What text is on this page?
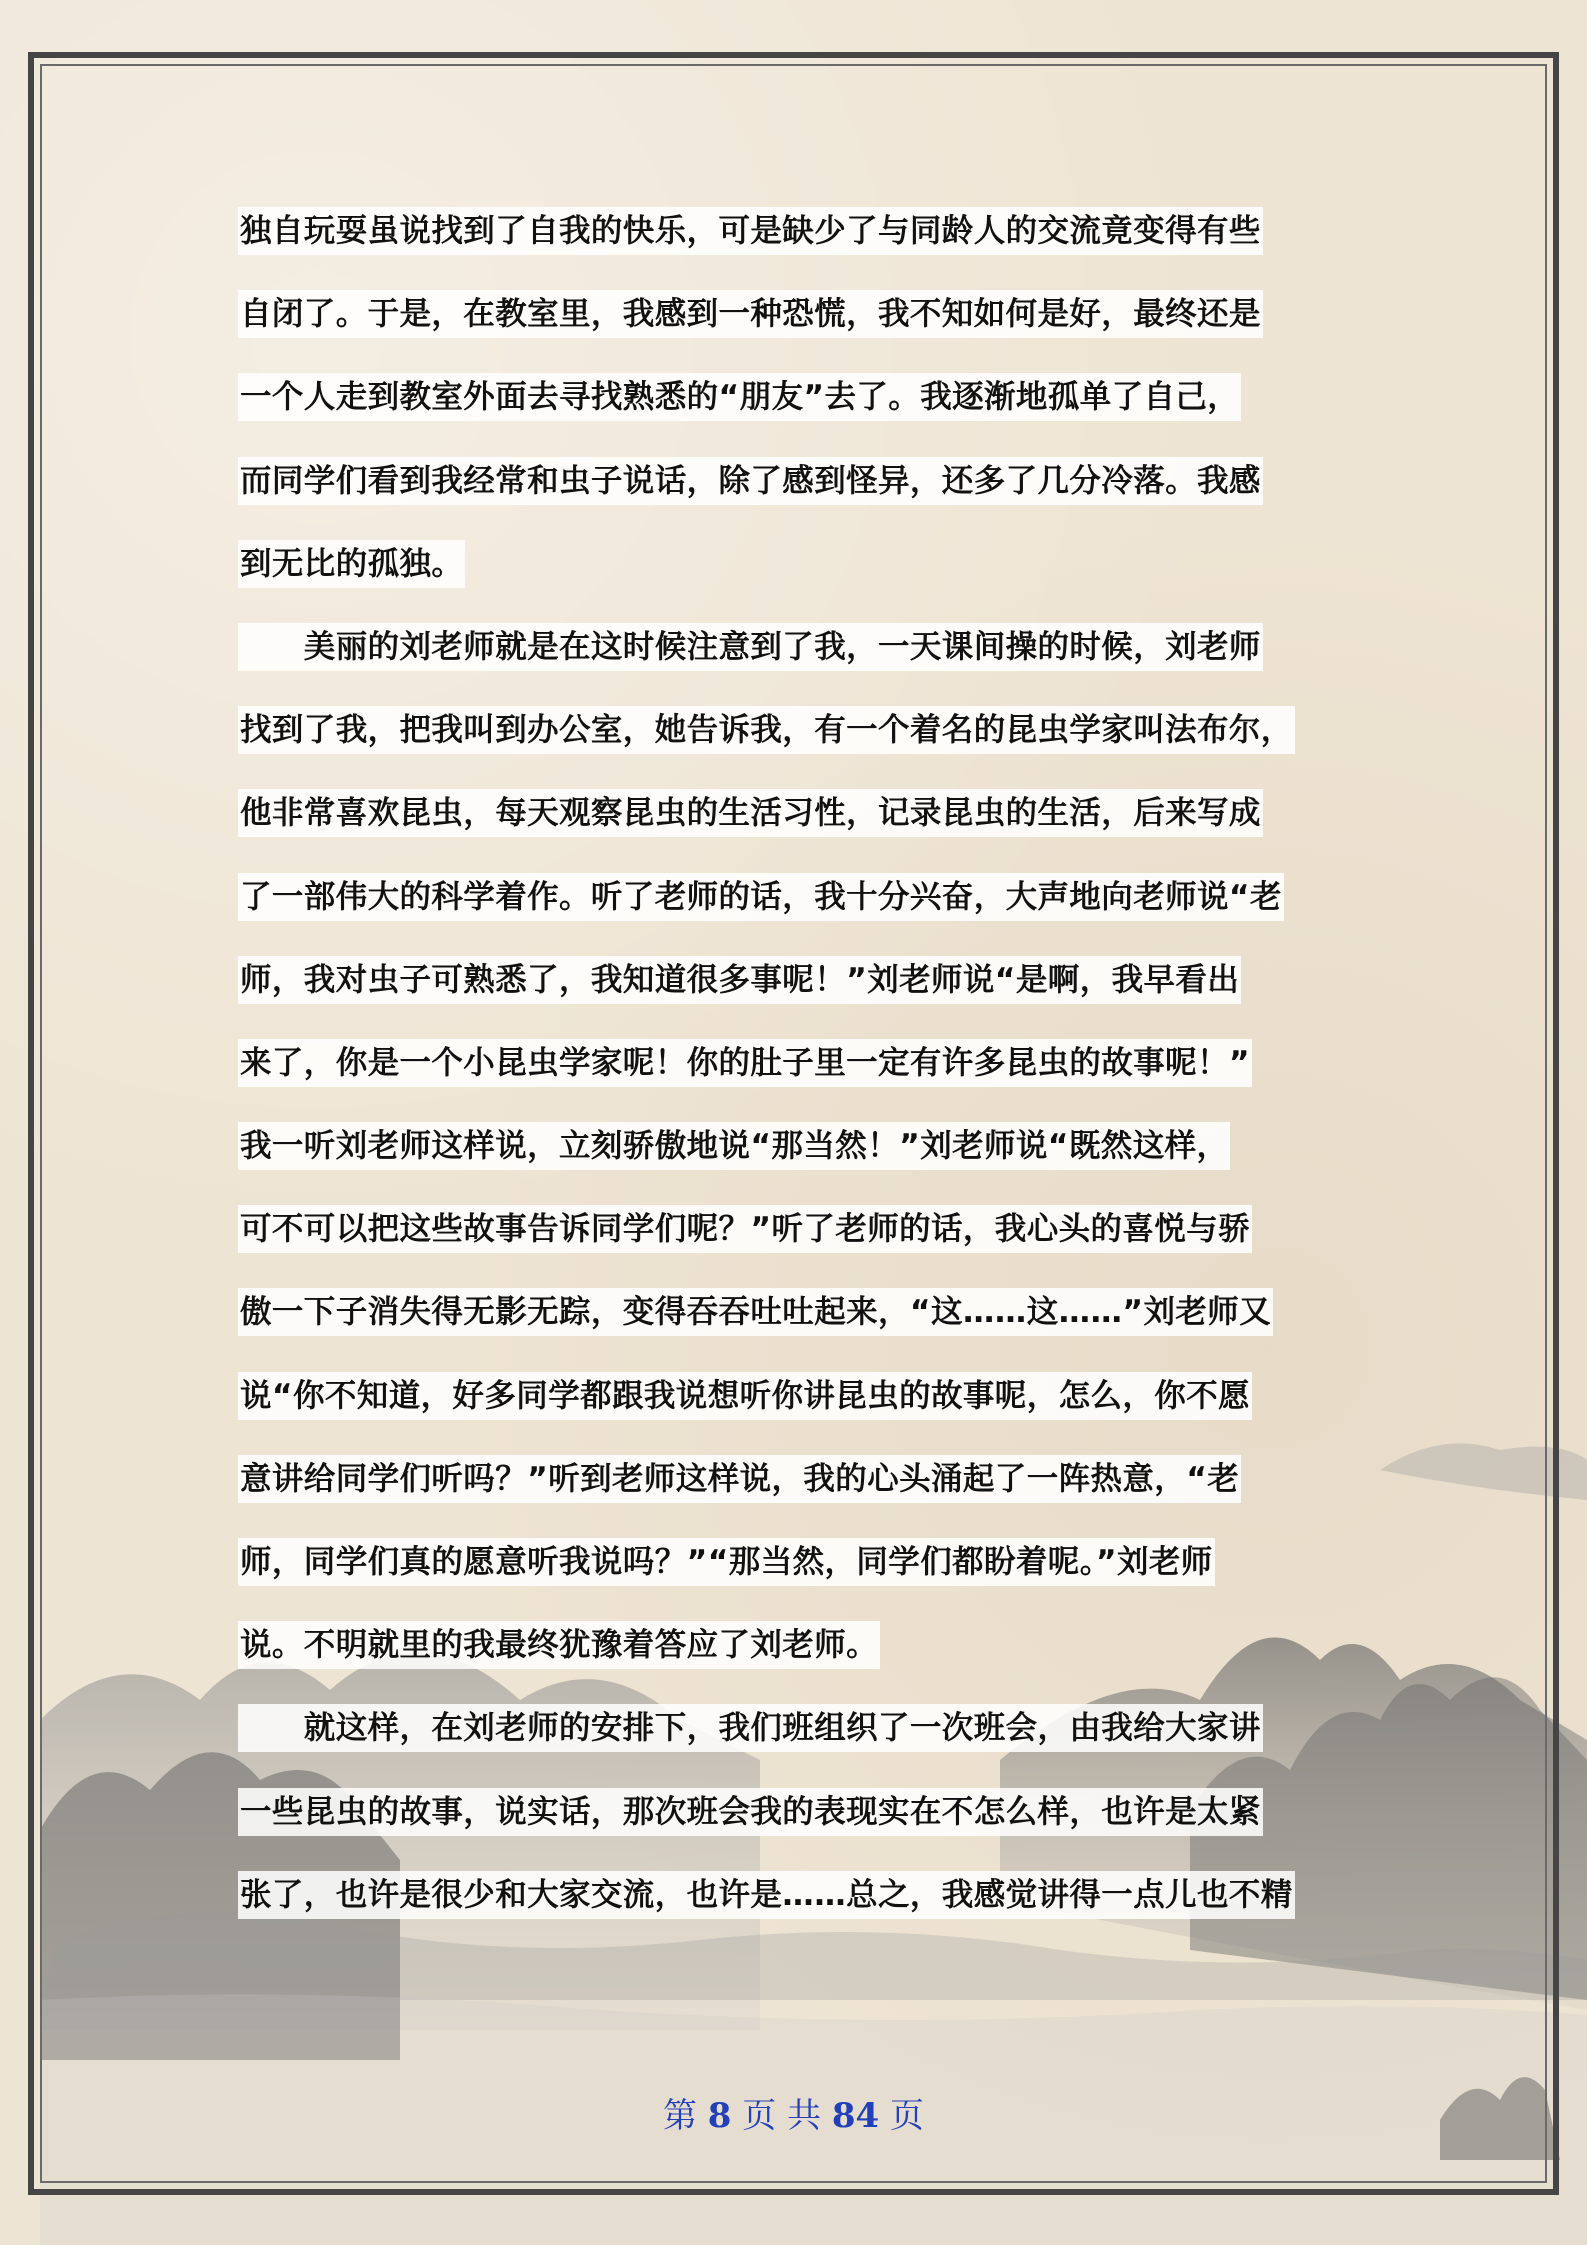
独自玩耍虽说找到了自我的快乐，可是缺少了与同龄人的交流竟变得有些
自闭了。于是，在教室里，我感到一种恐慌，我不知如何是好，最终还是
一个人走到教室外面去寻找熟悉的“朋友”去了。我逐渐地孤单了自己，
而同学们看到我经常和虫子说话，除了感到怪异，还多了几分冷落。我感
到无比的孤独。
　　美丽的刘老师就是在这时候注意到了我，一天课间操的时候，刘老师
找到了我，把我叫到办公室，她告诉我，有一个着名的昆虫学家叫法布尔，
他非常喜欢昆虫，每天观察昆虫的生活习性，记录昆虫的生活，后来写成
了一部伟大的科学着作。听了老师的话，我十分兴奋，大声地向老师说“老
师，我对虫子可熟悉了，我知道很多事呢！”刘老师说“是啊，我早看出
来了，你是一个小昆虫学家呢！你的肚子里一定有许多昆虫的故事呢！”
我一听刘老师这样说，立刻骄傲地说“那当然！”刘老师说“既然这样，
可不可以把这些故事告诉同学们呢？”听了老师的话，我心头的喜悦与骄
傲一下子消失得无影无踪，变得吞吞吐吐起来，“这……这……”刘老师又
说“你不知道，好多同学都跟我说想听你讲昆虫的故事呢，怎么，你不愿
意讲给同学们听吗？”听到老师这样说，我的心头涌起了一阵热意，“老
师，同学们真的愿意听我说吗？”“那当然，同学们都盼着呢。”刘老师
说。不明就里的我最终犹豫着答应了刘老师。
　　就这样，在刘老师的安排下，我们班组织了一次班会，由我给大家讲
一些昆虫的故事，说实话，那次班会我的表现实在不怎么样，也许是太紧
张了，也许是很少和大家交流，也许是……总之，我感觉讲得一点儿也不精
第 8 页 共 84 页
